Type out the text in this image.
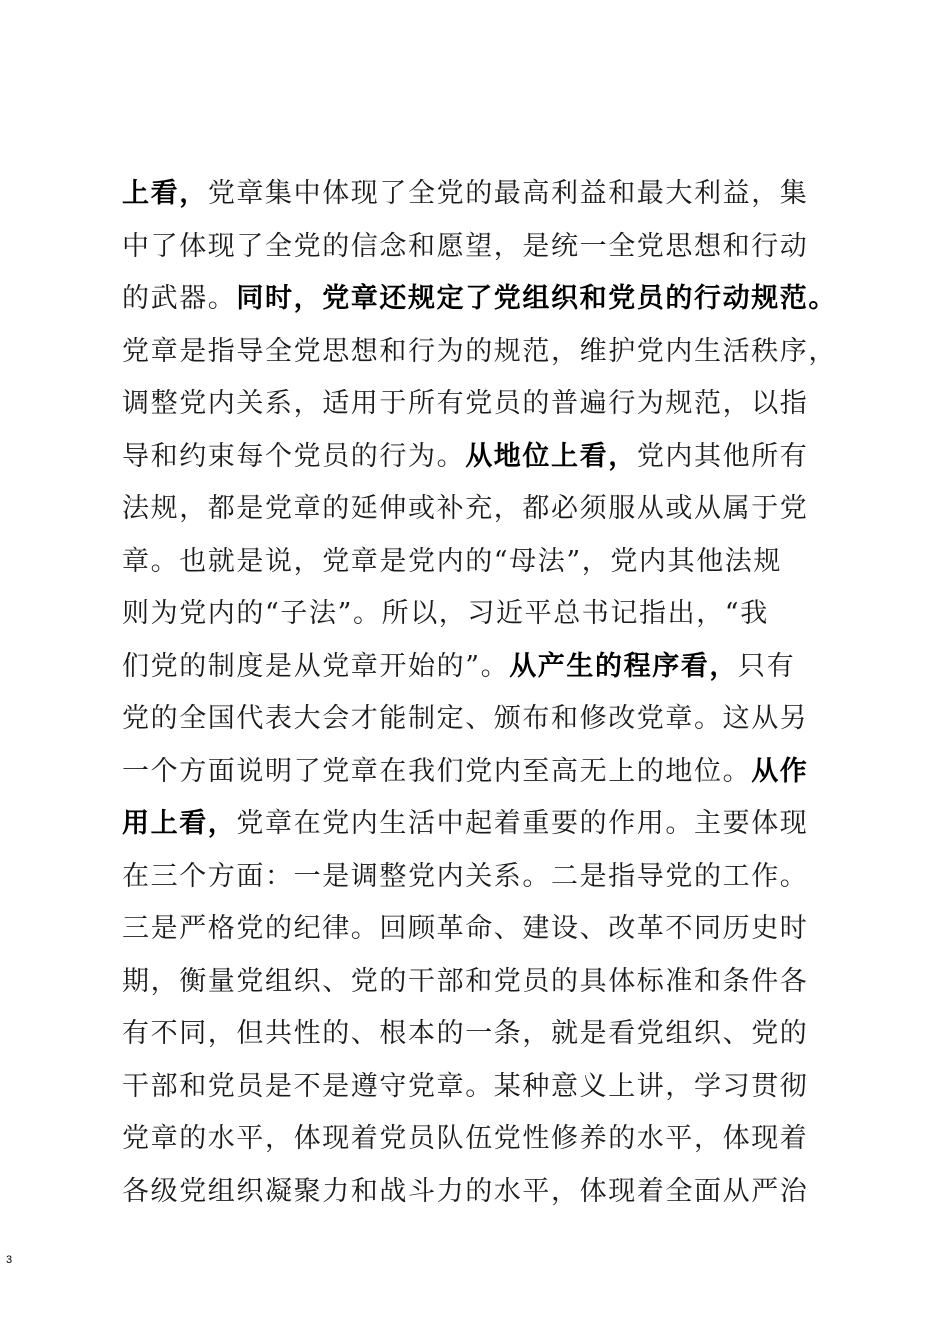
上看，党章集中体现了全党的最高利益和最大利益，集
中了体现了全党的信念和愿望，是统一全党思想和行动
的武器。同时，党章还规定了党组织和党员的行动规范。
党章是指导全党思想和行为的规范，维护党内生活秩序，
调整党内关系，适用于所有党员的普遍行为规范，以指
导和约束每个党员的行为。从地位上看，党内其他所有
法规，都是党章的延伸或补充，都必须服从或从属于党
章。也就是说，党章是党内的“母法”，党内其他法规
则为党内的“子法”。所以，习近平总书记指出，“我
们党的制度是从党章开始的”。从产生的程序看，只有
党的全国代表大会才能制定、颁布和修改党章。这从另
一个方面说明了党章在我们党内至高无上的地位。从作
用上看，党章在党内生活中起着重要的作用。主要体现
在三个方面：一是调整党内关系。二是指导党的工作。
三是严格党的纪律。回顾革命、建设、改革不同历史时
期，衡量党组织、党的干部和党员的具体标准和条件各
有不同，但共性的、根本的一条，就是看党组织、党的
干部和党员是不是遵守党章。某种意义上讲，学习贯彻
党章的水平，体现着党员队伍党性修养的水平，体现着
各级党组织凝聚力和战斗力的水平，体现着全面从严治
3
